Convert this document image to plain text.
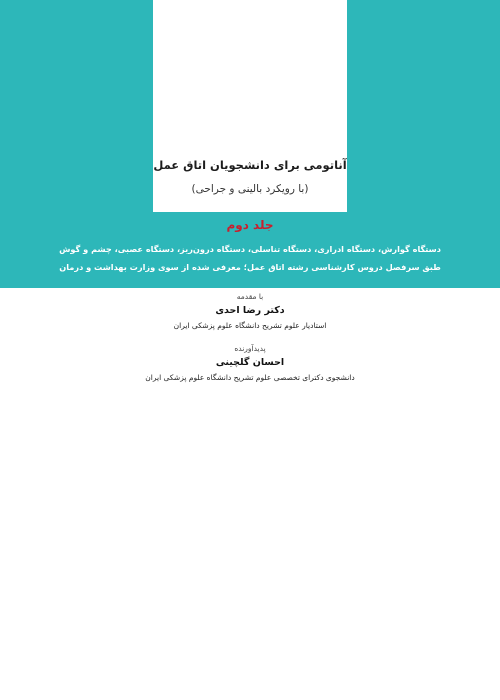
آناتومی برای دانشجویان اتاق عمل
(با رویکرد بالینی و جراحی)
جلد دوم
دستگاه گوارش، دستگاه ادراری، دستگاه تناسلی، دستگاه درون‌ریز، دستگاه عصبی، چشم و گوش
طبق سرفصل دروس کارشناسی رشته اتاق عمل؛ معرفی شده از سوی وزارت بهداشت و درمان
با مقدمه
دکتر رضا احدی
استادیار علوم تشریح دانشگاه علوم پزشکی ایران
پدیدآورنده
احسان گلچینی
دانشجوی دکترای تخصصی علوم تشریح دانشگاه علوم پزشکی ایران
